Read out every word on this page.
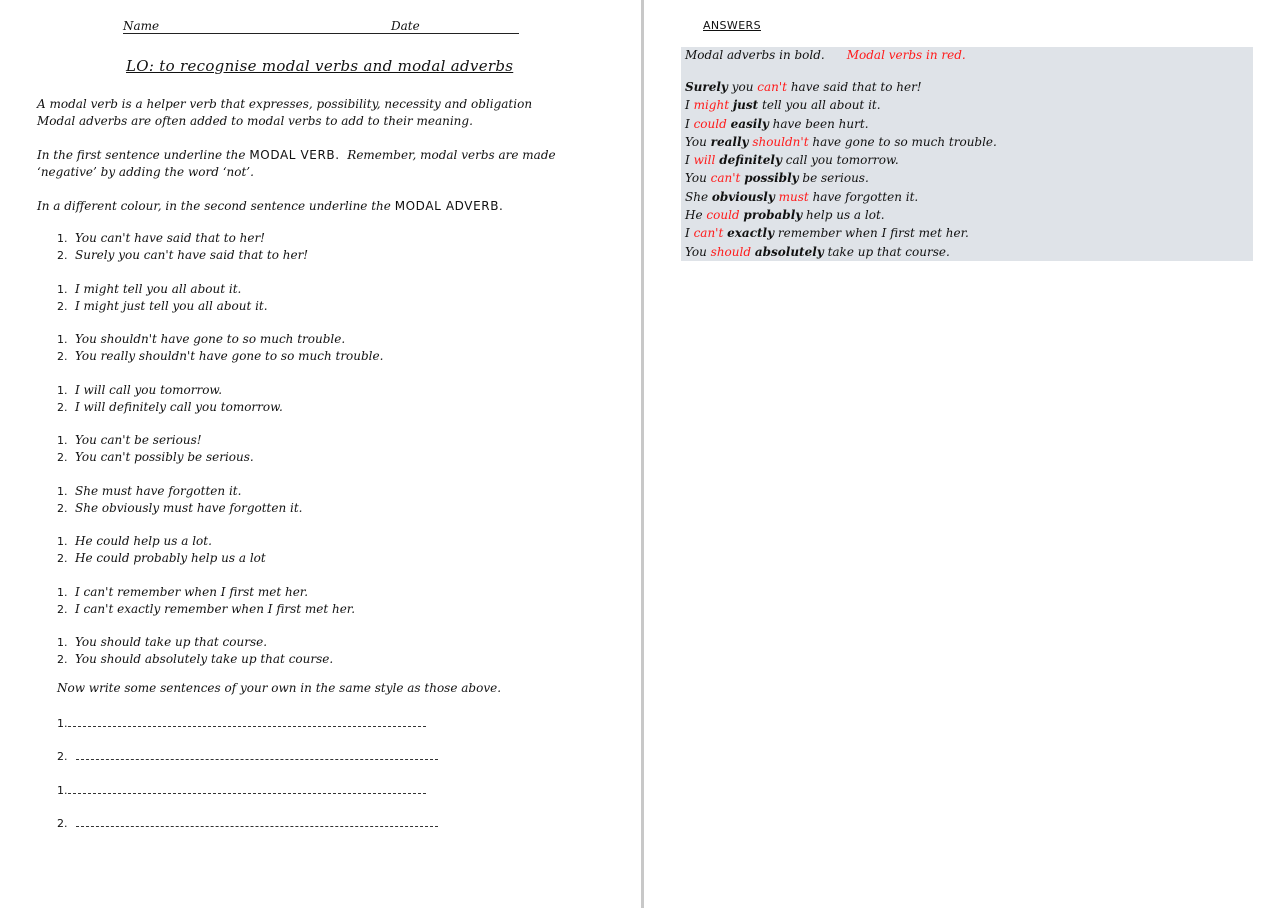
Name	Date
LO: to recognise modal verbs and modal adverbs

A modal verb is a helper verb that expresses, possibility, necessity and obligation
Modal adverbs are often added to modal verbs to add to their meaning.

In the first sentence underline the MODAL VERB.  Remember, modal verbs are made
‘negative’ by adding the word ‘not’.

In a different colour, in the second sentence underline the MODAL ADVERB.

1. You can't have said that to her!
2. Surely you can't have said that to her!
1. I might tell you all about it.
2. I might just tell you all about it.
1. You shouldn't have gone to so much trouble.
2. You really shouldn't have gone to so much trouble.
1. I will call you tomorrow.
2. I will definitely call you tomorrow.
1. You can't be serious!
2. You can't possibly be serious.
1. She must have forgotten it.
2. She obviously must have forgotten it.
1. He could help us a lot.
2. He could probably help us a lot
1. I can't remember when I first met her.
2. I can't exactly remember when I first met her.
1. You should take up that course.
2. You should absolutely take up that course.
Now write some sentences of your own in the same style as those above.
1.
2.
1.
2.
ANSWERS
Modal adverbs in bold. Modal verbs in red.
Surely you can't have said that to her!
I might just tell you all about it.
I could easily have been hurt.
You really shouldn't have gone to so much trouble.
I will definitely call you tomorrow.
You can't possibly be serious.
She obviously must have forgotten it.
He could probably help us a lot.
I can't exactly remember when I first met her.
You should absolutely take up that course.
